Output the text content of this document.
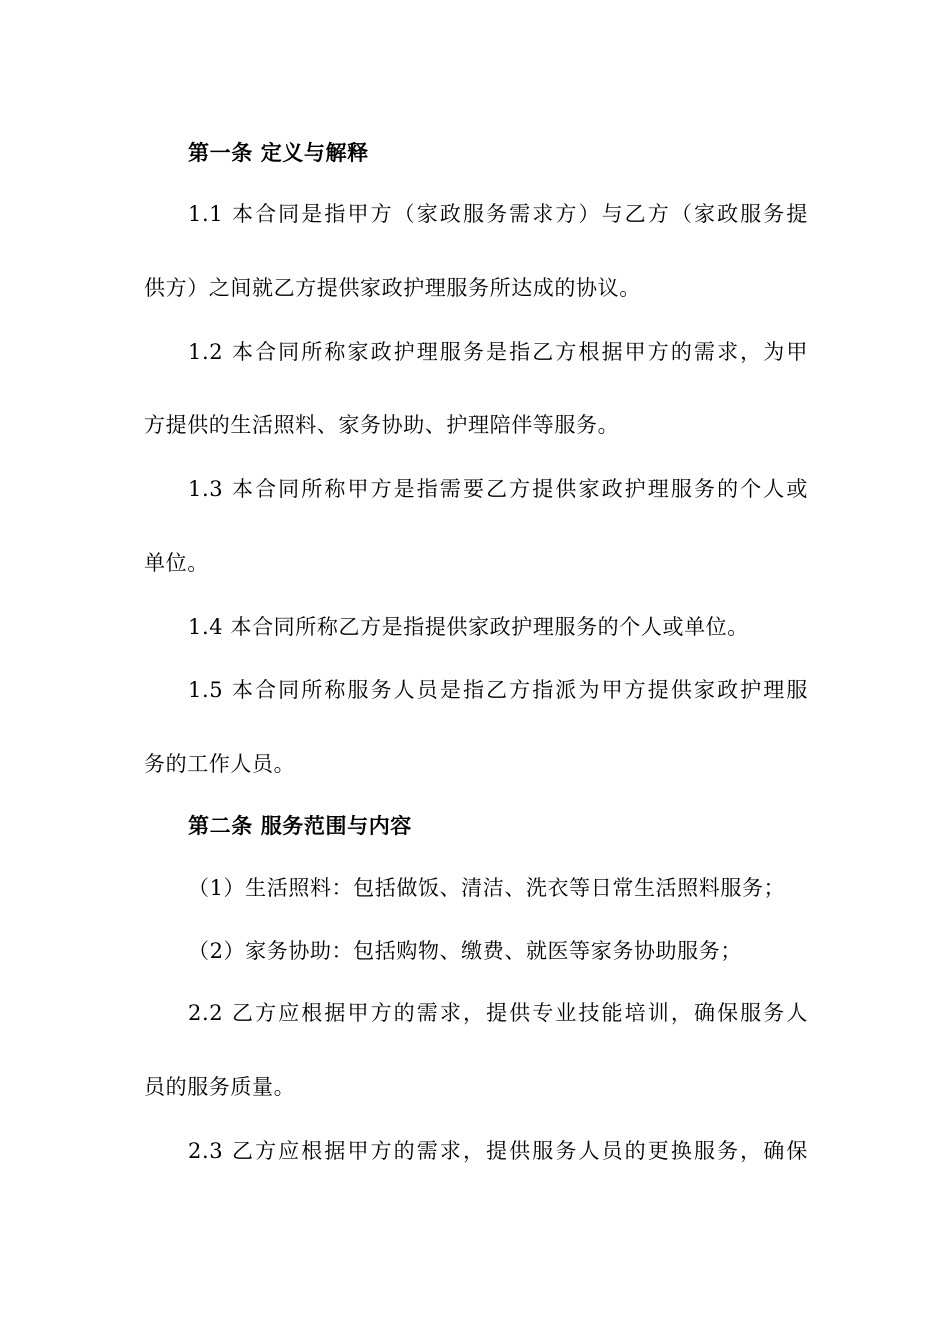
第一条 定义与解释
1.1 本合同是指甲方（家政服务需求方）与乙方（家政服务提
供方）之间就乙方提供家政护理服务所达成的协议。
1.2 本合同所称家政护理服务是指乙方根据甲方的需求，为甲
方提供的生活照料、家务协助、护理陪伴等服务。
1.3 本合同所称甲方是指需要乙方提供家政护理服务的个人或
单位。
1.4 本合同所称乙方是指提供家政护理服务的个人或单位。
1.5 本合同所称服务人员是指乙方指派为甲方提供家政护理服
务的工作人员。
第二条 服务范围与内容
（1）生活照料：包括做饭、清洁、洗衣等日常生活照料服务；
（2）家务协助：包括购物、缴费、就医等家务协助服务；
2.2 乙方应根据甲方的需求，提供专业技能培训，确保服务人
员的服务质量。
2.3 乙方应根据甲方的需求，提供服务人员的更换服务，确保
